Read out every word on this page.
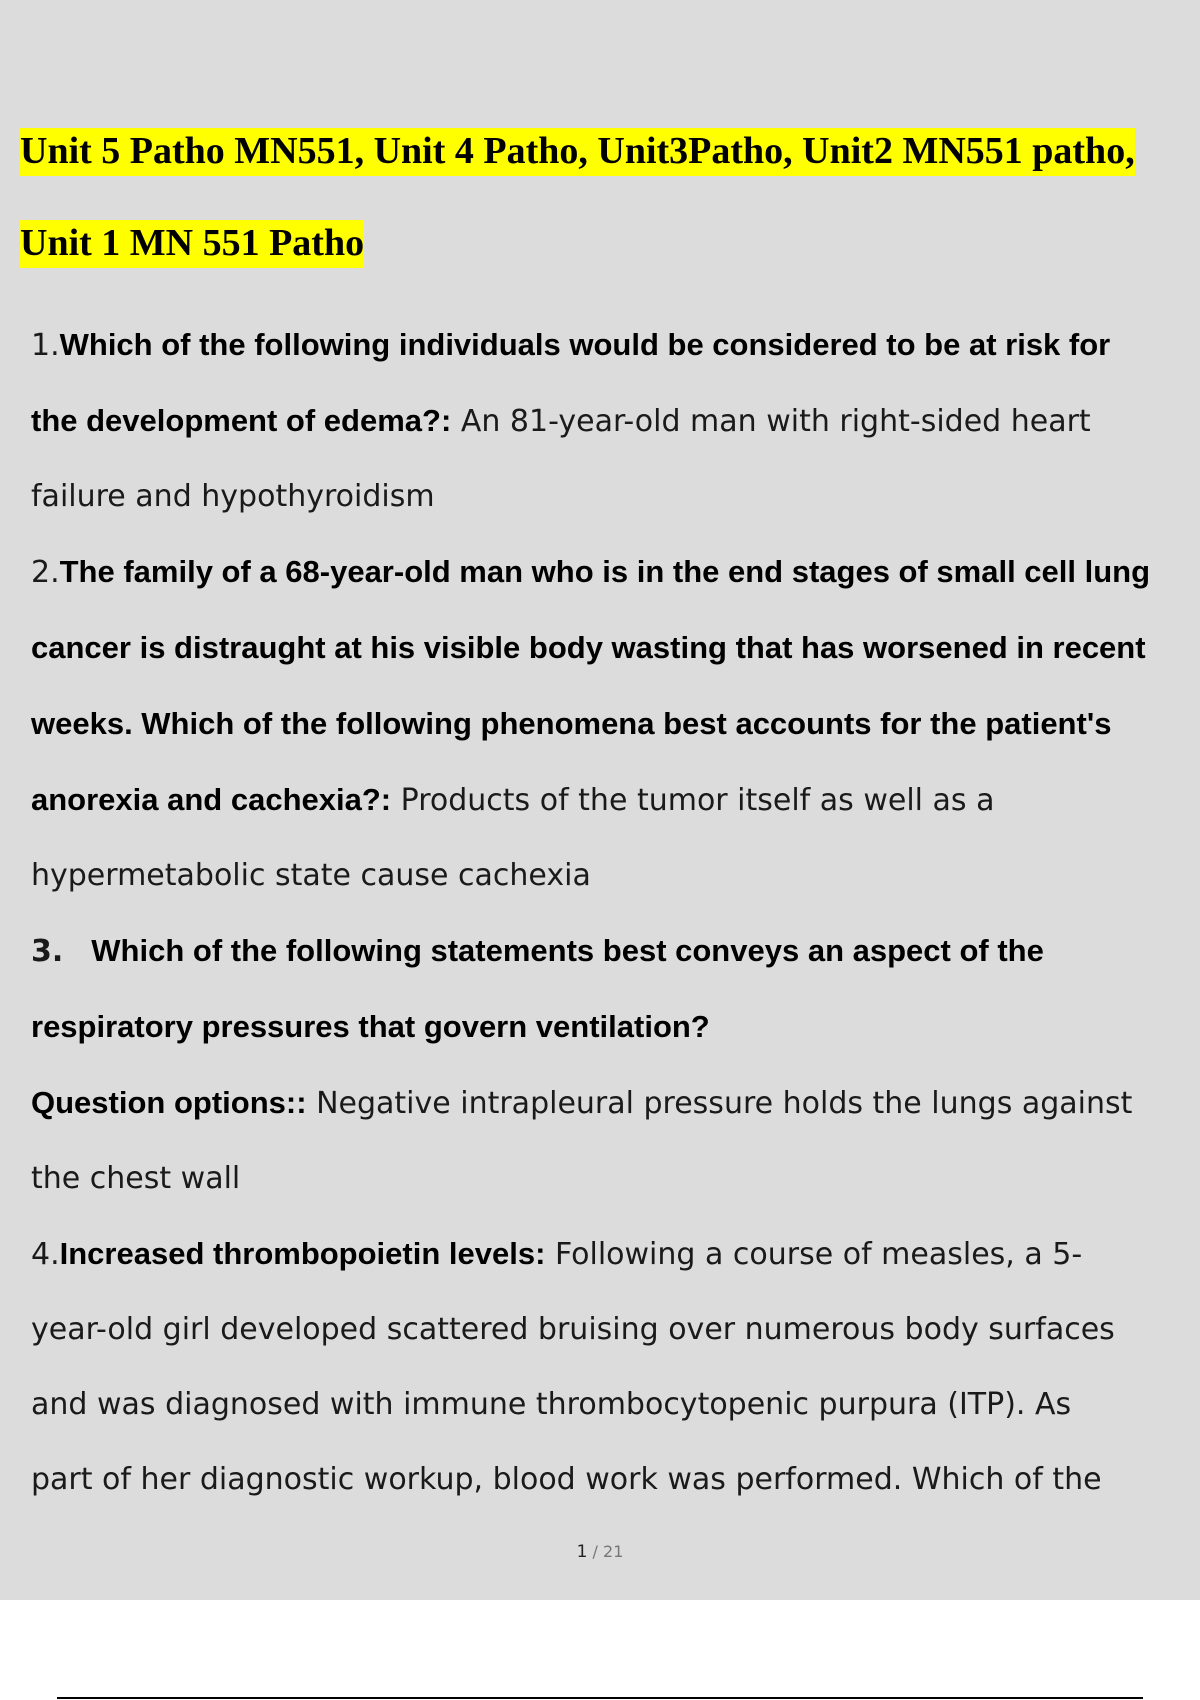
Unit 5 Patho MN551, Unit 4 Patho, Unit3Patho, Unit2 MN551 patho,
Unit 1 MN 551 Patho

1.Which of the following individuals would be considered to be at risk for

the development of edema?: An 81-year-old man with right-sided heart

failure and hypothyroidism

2.The family of a 68-year-old man who is in the end stages of small cell lung

cancer is distraught at his visible body wasting that has worsened in recent

weeks. Which of the following phenomena best accounts for the patient's

anorexia and cachexia?: Products of the tumor itself as well as a

hypermetabolic state cause cachexia

3. Which of the following statements best conveys an aspect of the

respiratory pressures that govern ventilation?

Question options:: Negative intrapleural pressure holds the lungs against

the chest wall

4.Increased thrombopoietin levels: Following a course of measles, a 5-

year-old girl developed scattered bruising over numerous body surfaces

and was diagnosed with immune thrombocytopenic purpura (ITP). As

part of her diagnostic workup, blood work was performed. Which of the

1 / 21
